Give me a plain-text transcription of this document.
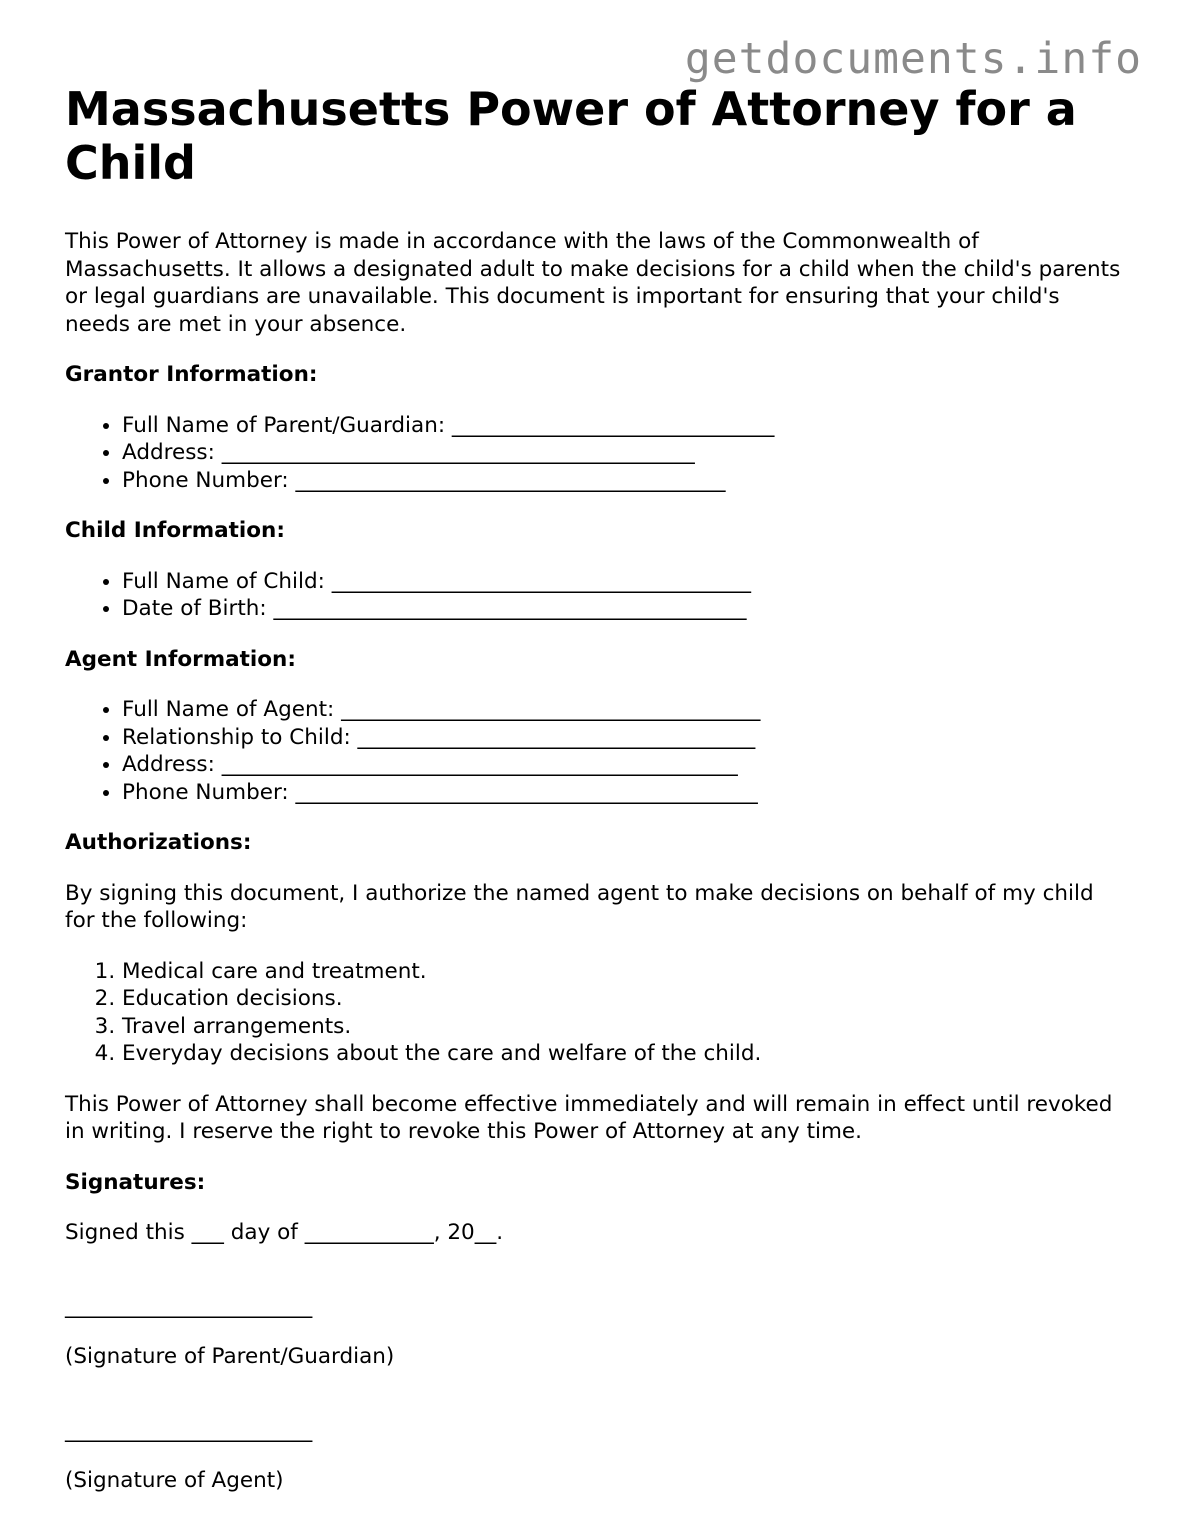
getdocuments.info
Massachusetts Power of Attorney for a Child

This Power of Attorney is made in accordance with the laws of the Commonwealth of Massachusetts. It allows a designated adult to make decisions for a child when the child's parents or legal guardians are unavailable. This document is important for ensuring that your child's needs are met in your absence.

Grantor Information:
• Full Name of Parent/Guardian: ______________________________
• Address: ____________________________________________
• Phone Number: ________________________________________
Child Information:
• Full Name of Child: _______________________________________
• Date of Birth: ____________________________________________
Agent Information:
• Full Name of Agent: _______________________________________
• Relationship to Child: _____________________________________
• Address: ________________________________________________
• Phone Number: ___________________________________________
Authorizations:

By signing this document, I authorize the named agent to make decisions on behalf of my child for the following:

1. Medical care and treatment.
2. Education decisions.
3. Travel arrangements.
4. Everyday decisions about the care and welfare of the child.

This Power of Attorney shall become effective immediately and will remain in effect until revoked in writing. I reserve the right to revoke this Power of Attorney at any time.

Signatures:
Signed this ___ day of ____________, 20__.
_______________________
(Signature of Parent/Guardian)
_______________________
(Signature of Agent)
